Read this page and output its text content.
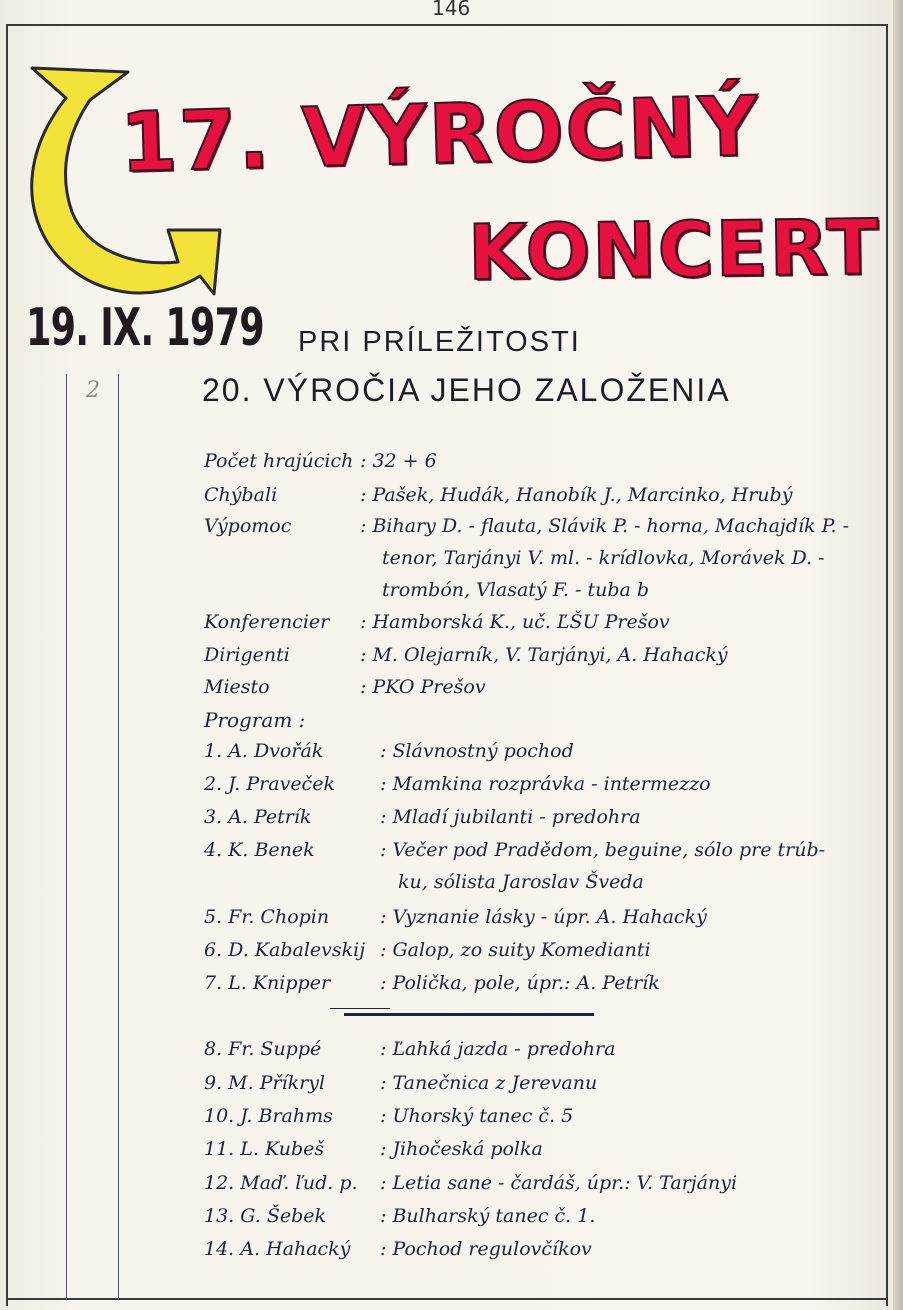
146
2
17. VÝROČNÝ
KONCERT
19. IX. 1979 PRI PRÍLEŽITOSTI
20. VÝROČIA JEHO ZALOŽENIA
Počet hrajúcich : 32 + 6
Chýbali	: Pašek, Hudák, Hanobík J., Marcinko, Hrubý
Výpomoc	: Bihary D. - flauta, Slávik P. - horna, Machajdík P. -
tenor, Tarjányi V. ml. - krídlovka, Morávek D. -
trombón, Vlasatý F. - tuba b
Konferencier : Hamborská K., uč. ĽŠU Prešov
Dirigenti	: M. Olejarník, V. Tarjányi, A. Hahacký
Miesto	: PKO Prešov
Program :
1. A. Dvořák	: Slávnostný pochod
2. J. Praveček : Mamkina rozprávka - intermezzo
3. A. Petrík	: Mladí jubilanti - predohra
4. K. Benek	: Večer pod Pradědom, beguine, sólo pre trúb-
ku, sólista Jaroslav Šveda
5. Fr. Chopin	: Vyznanie lásky - úpr. A. Hahacký
6. D. Kabalevskij : Galop, zo suity Komedianti
7. L. Knipper	: Polička, pole, úpr.: A. Petrík
8. Fr. Suppé	: Ľahká jazda - predohra
9. M. Příkryl	: Tanečnica z Jerevanu
10. J. Brahms : Uhorský tanec č. 5
11. L. Kubeš	: Jihočeská polka
12. Maď. ľud. p. : Letia sane - čardáš, úpr.: V. Tarjányi
13. G. Šebek	: Bulharský tanec č. 1.
14. A. Hahacký : Pochod regulovčíkov
